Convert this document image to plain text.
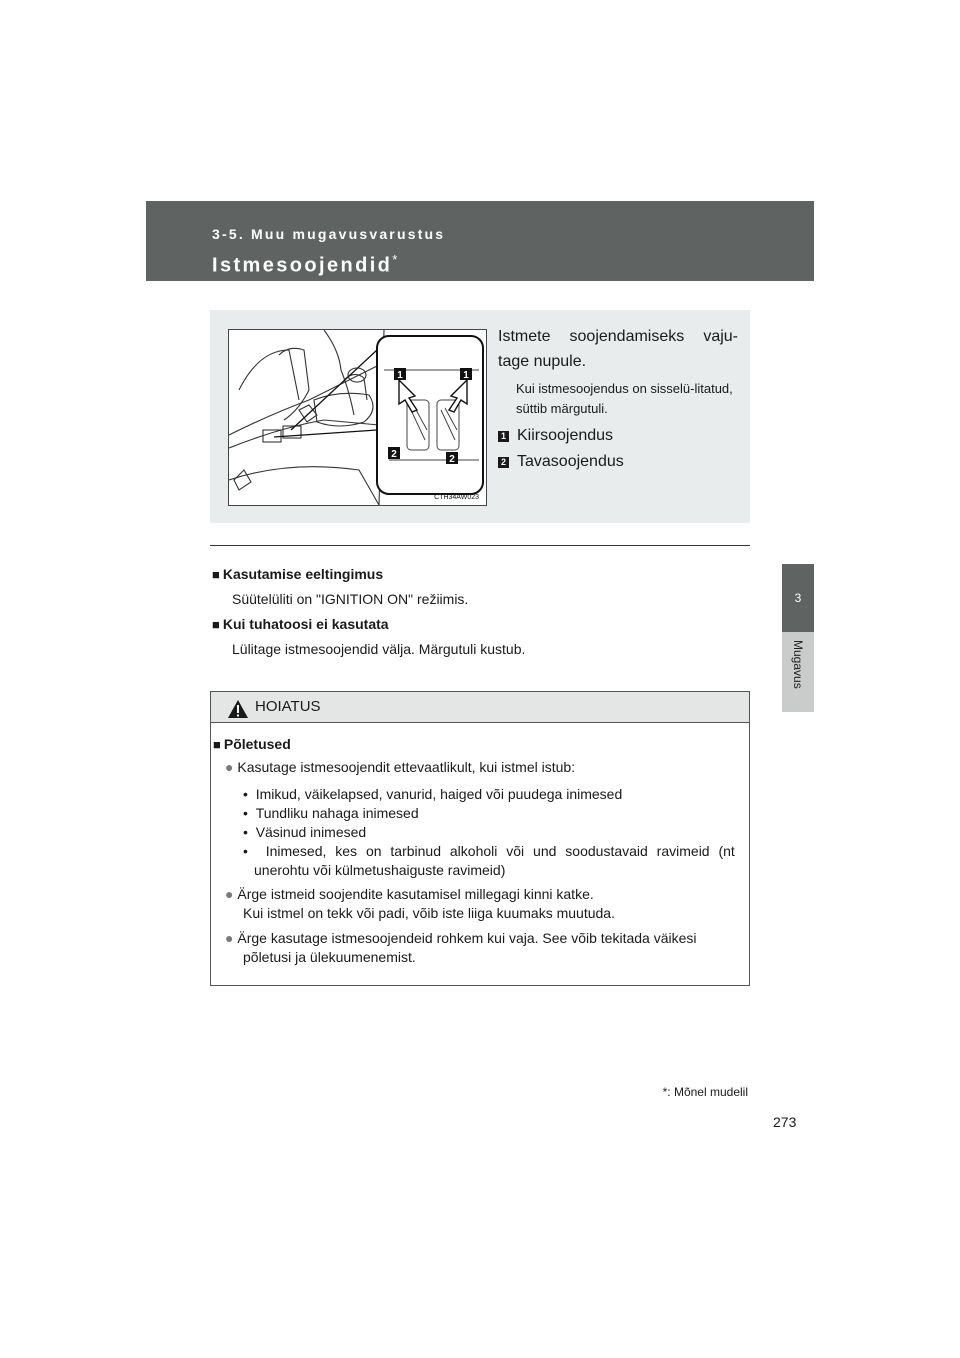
3-5. Muu mugavusvarustus
Istmesoojendid*
3
Mugavus
1	1
2	2
CTH34AW023
Istmete soojendamiseks vaju-tage nupule.
Kui istmesoojendus on sisselü-litatud, süttib märgutuli.
1 Kiirsoojendus
2 Tavasoojendus
■ Kasutamise eeltingimus
Süütelüliti on "IGNITION ON" režiimis.
■ Kui tuhatoosi ei kasutata
Lülitage istmesoojendid välja. Märgutuli kustub.
HOIATUS
■ Põletused
● Kasutage istmesoojendit ettevaatlikult, kui istmel istub:
•  Imikud, väikelapsed, vanurid, haiged või puudega inimesed
•  Tundliku nahaga inimesed
•  Väsinud inimesed
•  Inimesed, kes on tarbinud alkoholi või und soodustavaid ravimeid (nt
unerohtu või külmetushaiguste ravimeid)
● Ärge istmeid soojendite kasutamisel millegagi kinni katke.
Kui istmel on tekk või padi, võib iste liiga kuumaks muutuda.
● Ärge kasutage istmesoojendeid rohkem kui vaja. See võib tekitada väikesi
põletusi ja ülekuumenemist.
*: Mõnel mudelil
273
